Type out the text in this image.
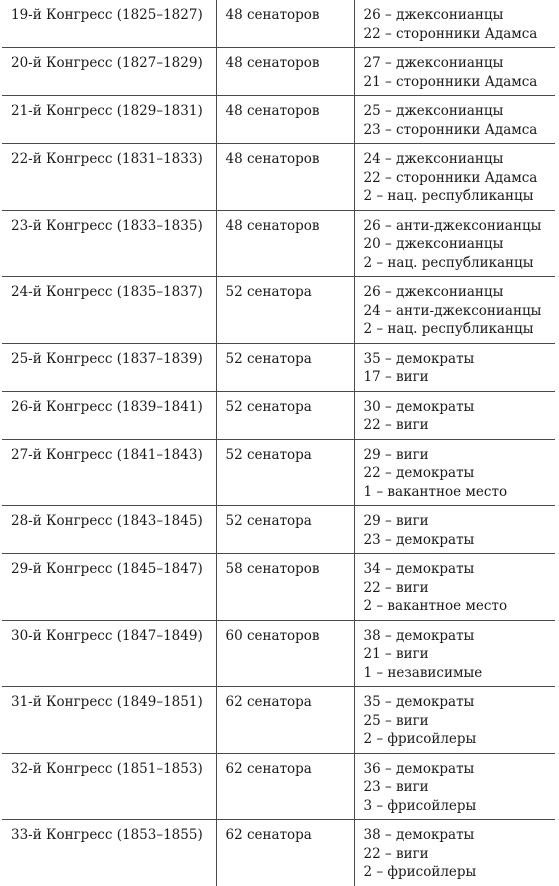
19-й Конгресс (1825–1827)	48 сенаторов	26 – джексонианцы
22 – сторонники Адамса

20-й Конгресс (1827–1829)	48 сенаторов	27 – джексонианцы
21 – сторонники Адамса

21-й Конгресс (1829–1831)	48 сенаторов	25 – джексонианцы
23 – сторонники Адамса

22-й Конгресс (1831–1833)	48 сенаторов	24 – джексонианцы
22 – сторонники Адамса
2 – нац. республиканцы

23-й Конгресс (1833–1835)	48 сенаторов	26 – анти-джексонианцы
20 – джексонианцы
2 – нац. республиканцы

24-й Конгресс (1835–1837)	52 сенатора	26 – джексонианцы
24 – анти-джексонианцы
2 – нац. республиканцы

25-й Конгресс (1837–1839)	52 сенатора	35 – демократы
17 – виги

26-й Конгресс (1839–1841)	52 сенатора	30 – демократы
22 – виги

27-й Конгресс (1841–1843)	52 сенатора	29 – виги
22 – демократы
1 – вакантное место

28-й Конгресс (1843–1845)	52 сенатора	29 – виги
23 – демократы

29-й Конгресс (1845–1847)	58 сенаторов	34 – демократы
22 – виги
2 – вакантное место

30-й Конгресс (1847–1849)	60 сенаторов	38 – демократы
21 – виги
1 – независимые

31-й Конгресс (1849–1851)	62 сенатора	35 – демократы
25 – виги
2 – фрисойлеры

32-й Конгресс (1851–1853)	62 сенатора	36 – демократы
23 – виги
3 – фрисойлеры

33-й Конгресс (1853–1855)	62 сенатора	38 – демократы
22 – виги
2 – фрисойлеры
